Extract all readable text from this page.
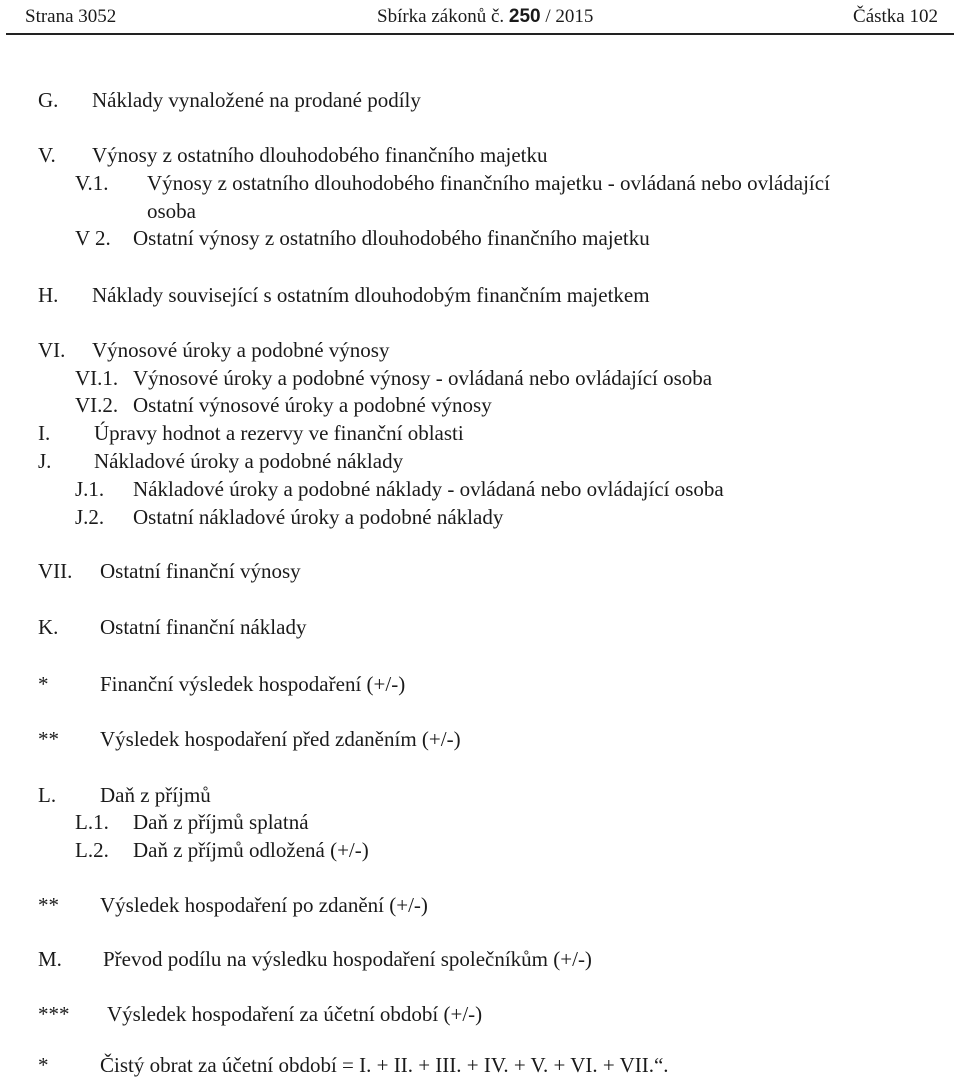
Strana 3052	Sbírka zákonů č. 250 / 2015	Částka 102
G. Náklady vynaložené na prodané podíly
V. Výnosy z ostatního dlouhodobého finančního majetku
V.1. Výnosy z ostatního dlouhodobého finančního majetku - ovládaná nebo ovládající
osoba
V 2. Ostatní výnosy z ostatního dlouhodobého finančního majetku
H. Náklady související s ostatním dlouhodobým finančním majetkem
VI. Výnosové úroky a podobné výnosy
VI.1. Výnosové úroky a podobné výnosy - ovládaná nebo ovládající osoba
VI.2. Ostatní výnosové úroky a podobné výnosy
I. Úpravy hodnot a rezervy ve finanční oblasti
J. Nákladové úroky a podobné náklady
J.1. Nákladové úroky a podobné náklady - ovládaná nebo ovládající osoba
J.2. Ostatní nákladové úroky a podobné náklady
VII. Ostatní finanční výnosy
K. Ostatní finanční náklady
* Finanční výsledek hospodaření (+/-)
** Výsledek hospodaření před zdaněním (+/-)
L. Daň z příjmů
L.1. Daň z příjmů splatná
L.2. Daň z příjmů odložená (+/-)
** Výsledek hospodaření po zdanění (+/-)
M. Převod podílu na výsledku hospodaření společníkům (+/-)
*** Výsledek hospodaření za účetní období (+/-)
* Čistý obrat za účetní období = I. + II. + III. + IV. + V. + VI. + VII.“.
